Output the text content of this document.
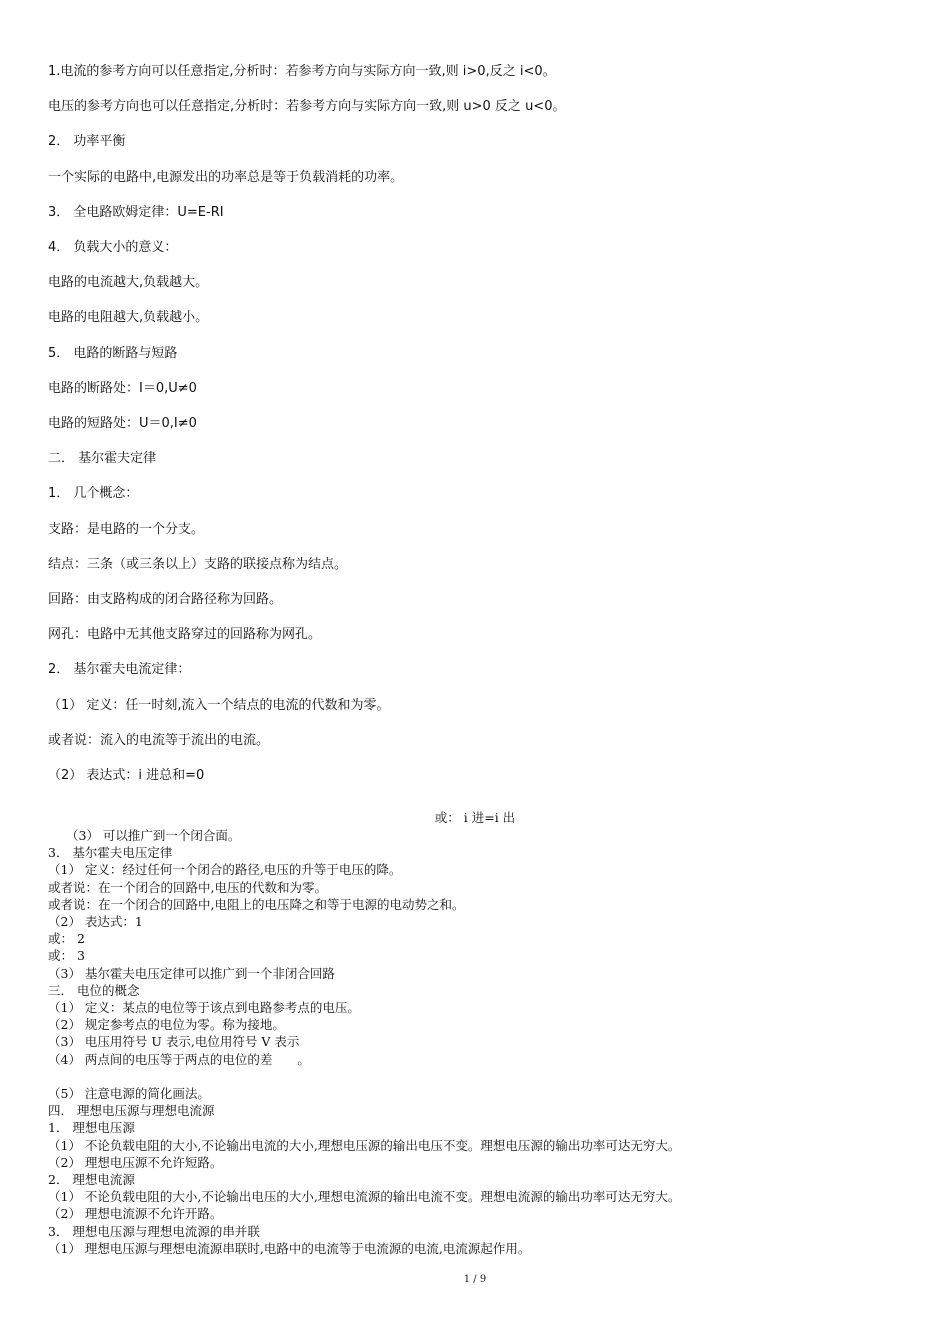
1.电流的参考方向可以任意指定,分析时：若参考方向与实际方向一致,则 i>0,反之 i<0。

电压的参考方向也可以任意指定,分析时：若参考方向与实际方向一致,则 u>0 反之 u<0。

2． 功率平衡

一个实际的电路中,电源发出的功率总是等于负载消耗的功率。

3． 全电路欧姆定律：U=E-RI

4． 负载大小的意义：

电路的电流越大,负载越大。

电路的电阻越大,负载越小。

5． 电路的断路与短路

电路的断路处：I＝0,U≠0

电路的短路处：U＝0,I≠0

二． 基尔霍夫定律

1． 几个概念：

支路：是电路的一个分支。

结点：三条（或三条以上）支路的联接点称为结点。

回路：由支路构成的闭合路径称为回路。

网孔：电路中无其他支路穿过的回路称为网孔。

2． 基尔霍夫电流定律：

（1） 定义：任一时刻,流入一个结点的电流的代数和为零。

或者说：流入的电流等于流出的电流。

（2） 表达式：i 进总和=0

或： i 进=i 出

（3） 可以推广到一个闭合面。

3． 基尔霍夫电压定律

（1） 定义：经过任何一个闭合的路径,电压的升等于电压的降。

或者说：在一个闭合的回路中,电压的代数和为零。

或者说：在一个闭合的回路中,电阻上的电压降之和等于电源的电动势之和。

（2） 表达式：1

或： 2

或： 3

（3） 基尔霍夫电压定律可以推广到一个非闭合回路

三． 电位的概念

（1） 定义：某点的电位等于该点到电路参考点的电压。

（2） 规定参考点的电位为零。称为接地。

（3） 电压用符号 U 表示,电位用符号 V 表示

（4） 两点间的电压等于两点的电位的差　　。

（5） 注意电源的简化画法。

四． 理想电压源与理想电流源

1． 理想电压源

（1） 不论负载电阻的大小,不论输出电流的大小,理想电压源的输出电压不变。理想电压源的输出功率可达无穷大。

（2） 理想电压源不允许短路。

2． 理想电流源

（1） 不论负载电阻的大小,不论输出电压的大小,理想电流源的输出电流不变。理想电流源的输出功率可达无穷大。

（2） 理想电流源不允许开路。

3． 理想电压源与理想电流源的串并联

（1） 理想电压源与理想电流源串联时,电路中的电流等于电流源的电流,电流源起作用。

1 / 9
